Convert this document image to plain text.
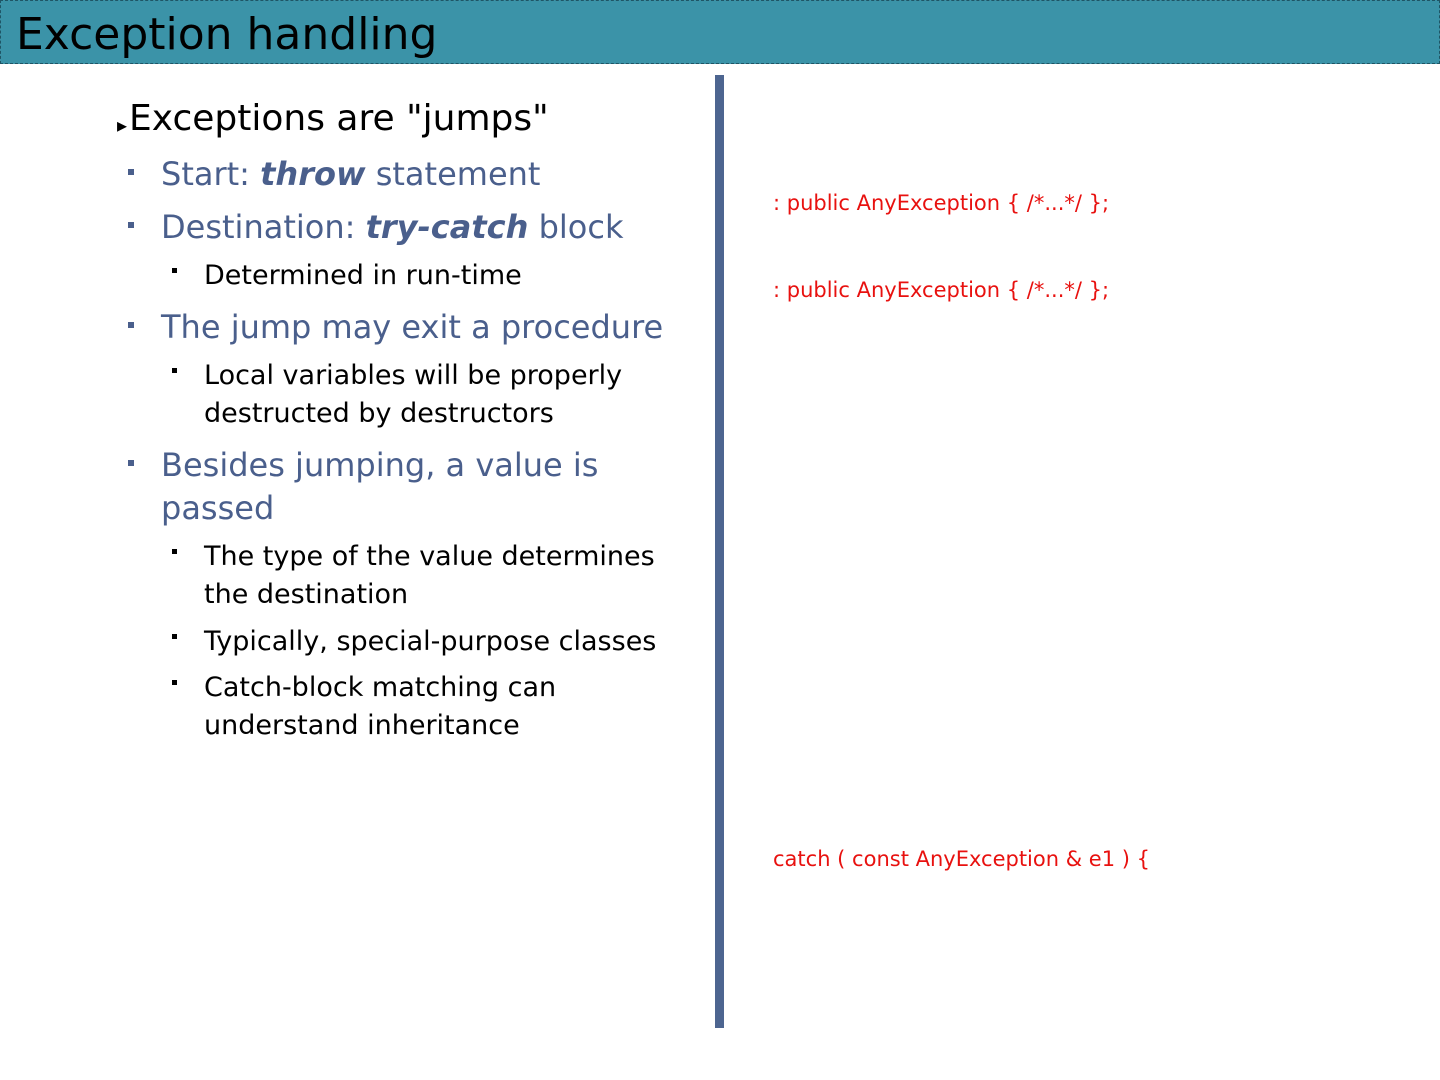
Exception handling
▸ Exceptions are "jumps"
Start: throw statement
Destination: try-catch block
Determined in run-time
The jump may exit a procedure
Local variables will be properly destructed by destructors
Besides jumping, a value is passed
The type of the value determines the destination
Typically, special-purpose classes
Catch-block matching can understand inheritance
: public AnyException { /*...*/ };
: public AnyException { /*...*/ };
catch ( const AnyException & e1 ) {
